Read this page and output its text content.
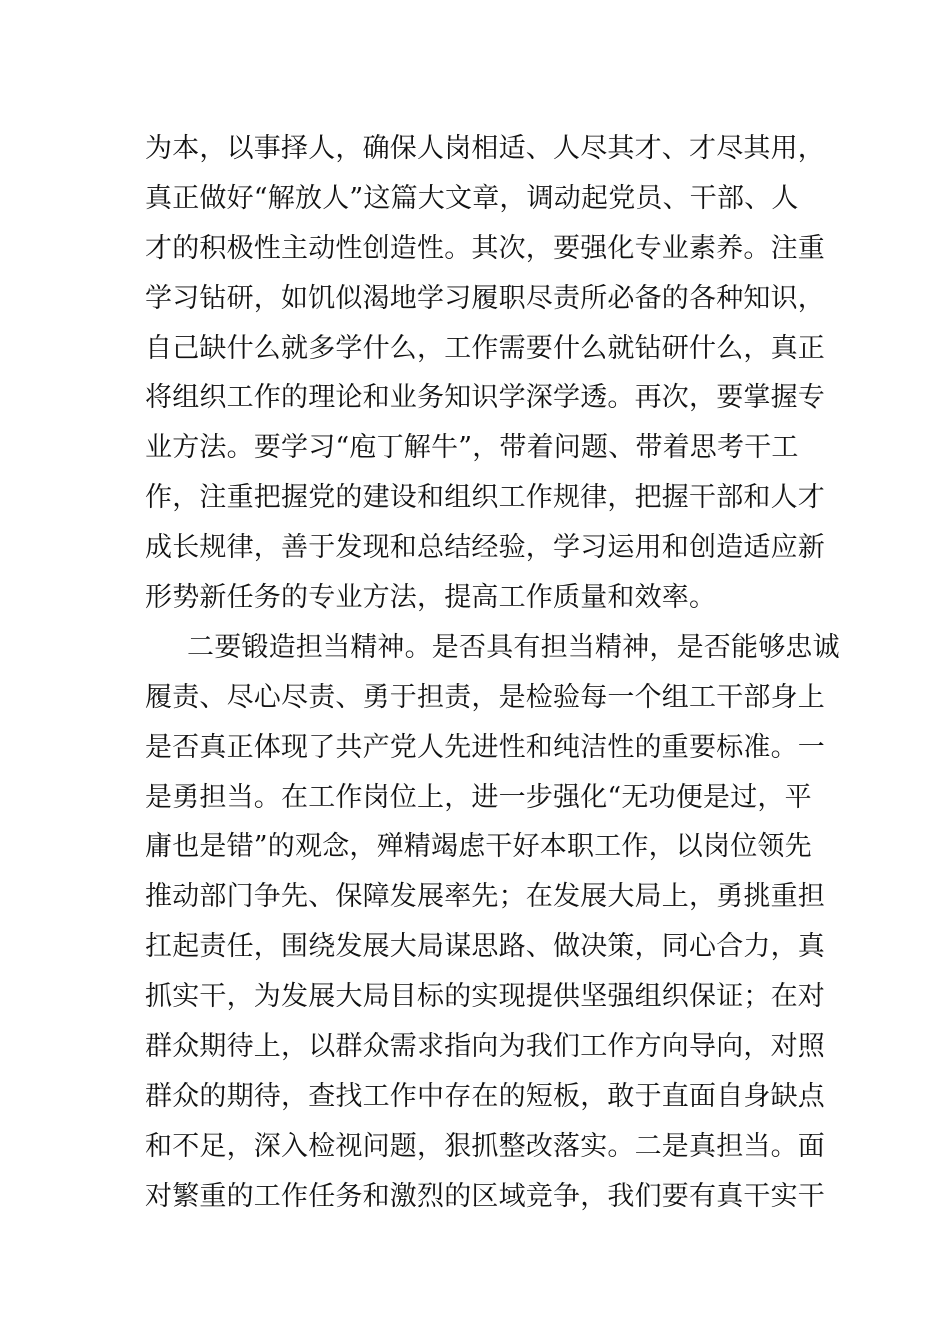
为本，以事择人，确保人岗相适、人尽其才、才尽其用，
真正做好“解放人”这篇大文章，调动起党员、干部、人
才的积极性主动性创造性。其次，要强化专业素养。注重
学习钻研，如饥似渴地学习履职尽责所必备的各种知识，
自己缺什么就多学什么，工作需要什么就钻研什么，真正
将组织工作的理论和业务知识学深学透。再次，要掌握专
业方法。要学习“庖丁解牛”，带着问题、带着思考干工
作，注重把握党的建设和组织工作规律，把握干部和人才
成长规律，善于发现和总结经验，学习运用和创造适应新
形势新任务的专业方法，提高工作质量和效率。
二要锻造担当精神。是否具有担当精神，是否能够忠诚
履责、尽心尽责、勇于担责，是检验每一个组工干部身上
是否真正体现了共产党人先进性和纯洁性的重要标准。一
是勇担当。在工作岗位上，进一步强化“无功便是过，平
庸也是错”的观念，殚精竭虑干好本职工作，以岗位领先
推动部门争先、保障发展率先；在发展大局上，勇挑重担
扛起责任，围绕发展大局谋思路、做决策，同心合力，真
抓实干，为发展大局目标的实现提供坚强组织保证；在对
群众期待上，以群众需求指向为我们工作方向导向，对照
群众的期待，查找工作中存在的短板，敢于直面自身缺点
和不足，深入检视问题，狠抓整改落实。二是真担当。面
对繁重的工作任务和激烈的区域竞争，我们要有真干实干
